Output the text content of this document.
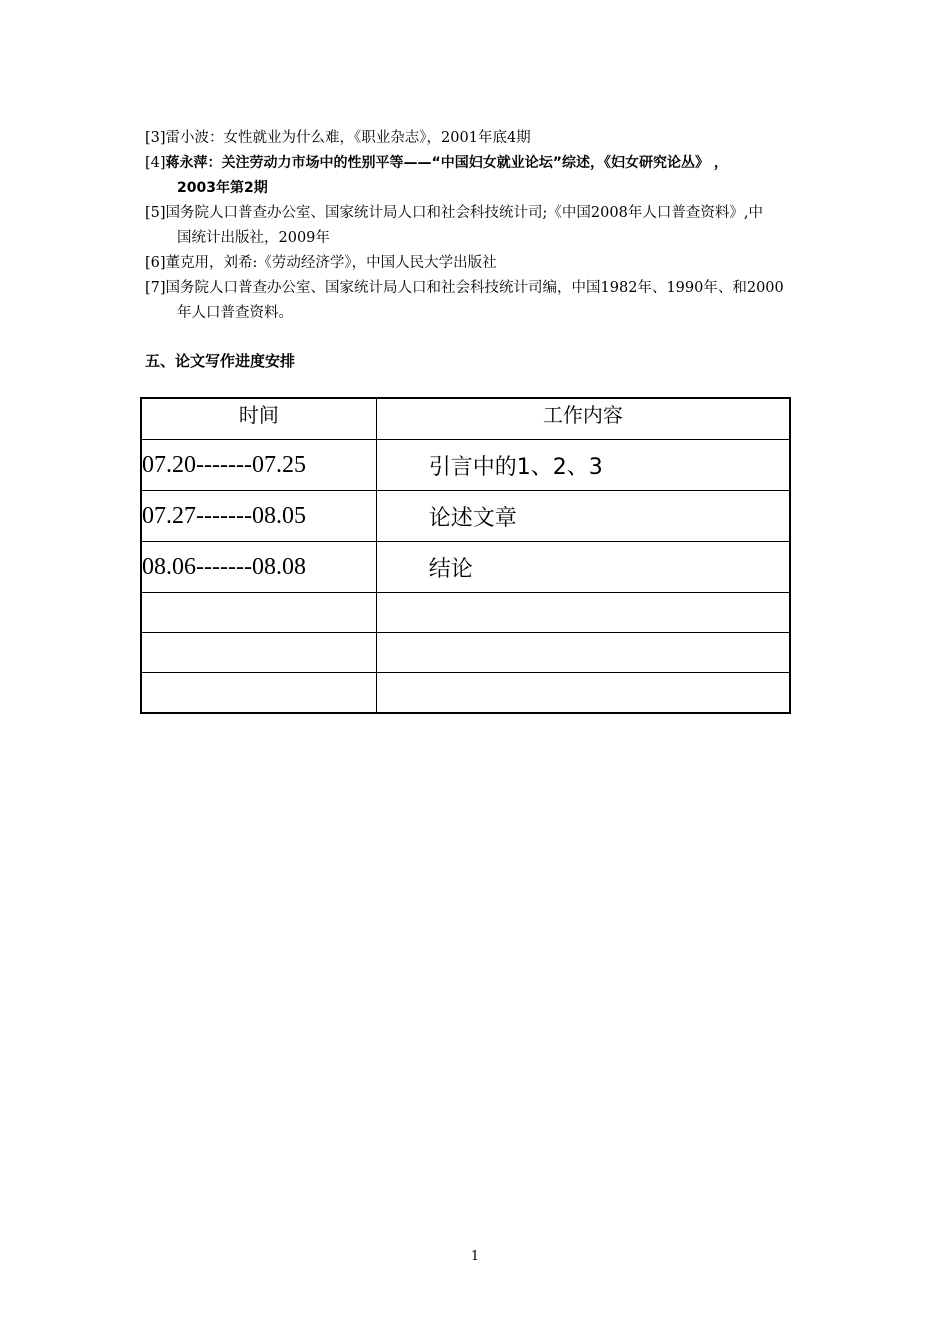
[3] 雷小波：女性就业为什么难，《职业杂志》，2001年底4期
[4] 蒋永萍：关注劳动力市场中的性别平等——“中国妇女就业论坛”综述，《妇女研究论丛》 ，
2003年第2期
[5] 国务院人口普查办公室、国家统计局人口和社会科技统计司;《中国2008年人口普查资料》,中
国统计出版社，2009年
[6] 董克用，刘希:《劳动经济学》，中国人民大学出版社
[7] 国务院人口普查办公室、国家统计局人口和社会科技统计司编，中国1982年、1990年、和2000
年人口普查资料。
五、论文写作进度安排
时间	工作内容
07.20-------07.25	引言中的1、2、3
07.27-------08.05	论述文章
08.06-------08.08	结论

1
